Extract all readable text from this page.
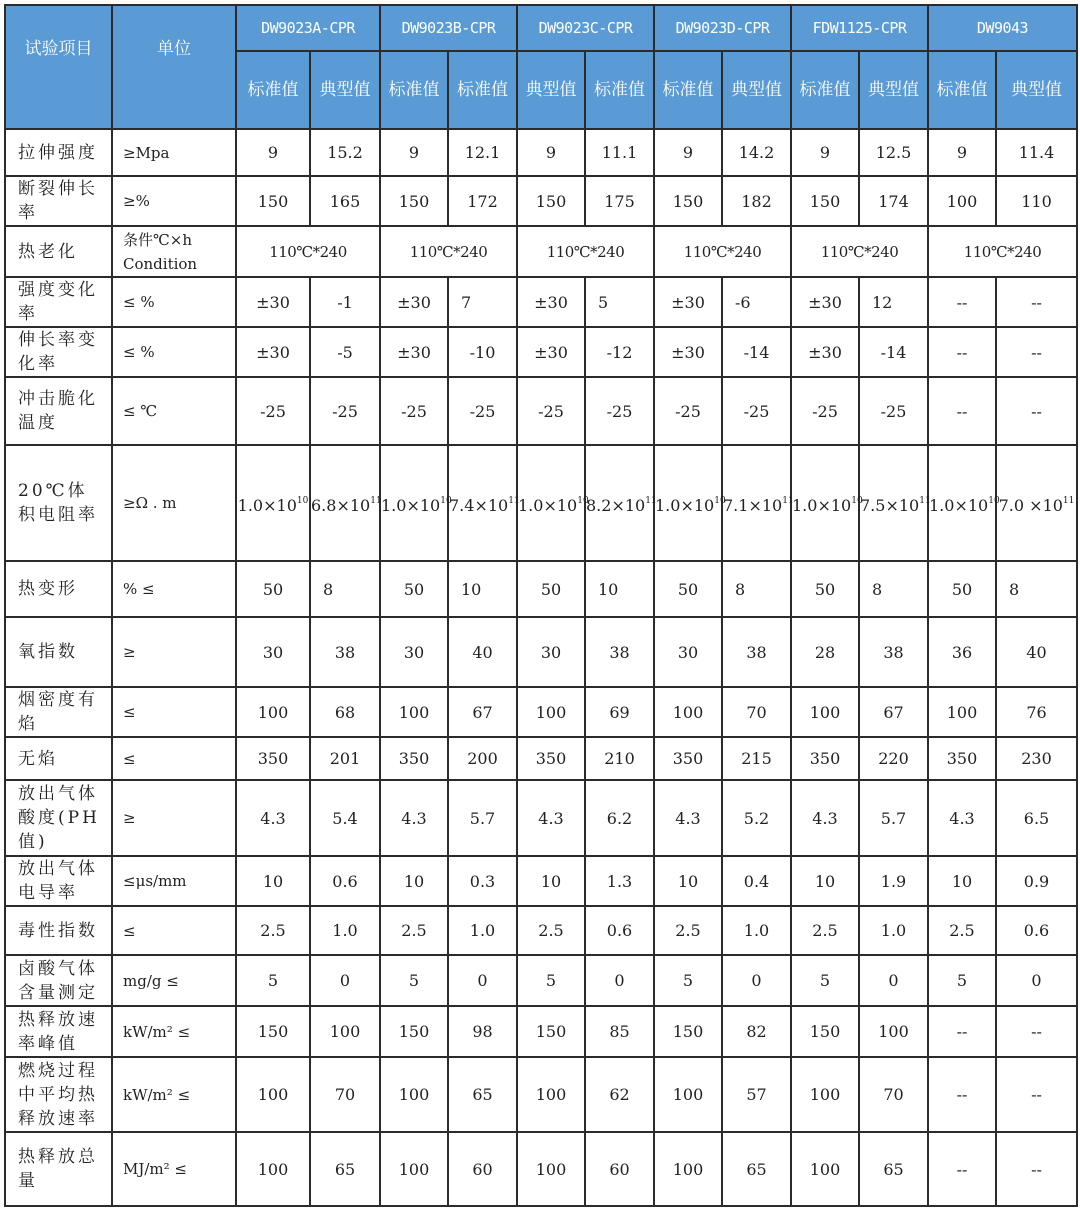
试验项目	单位	DW9023A-CPR		DW9023B-CPR		DW9023C-CPR		DW9023D-CPR		FDW1125-CPR		DW9043	
		标准值	典型值	标准值	标准值	典型值	标准值	标准值	典型值	标准值	典型值	标准值	典型值
拉伸强度	≥Mpa	9	15.2	9	12.1	9	11.1	9	14.2	9	12.5	9	11.4
断裂伸长率	≥%	150	165	150	172	150	175	150	182	150	174	100	110
热老化	条件℃×h Condition	110℃*240		110℃*240		110℃*240		110℃*240		110℃*240		110℃*240	
强度变化率	≤ %	±30	-1	±30	7	±30	5	±30	-6	±30	12	--	--
伸长率变化率	≤ %	±30	-5	±30	-10	±30	-12	±30	-14	±30	-14	--	--
冲击脆化温度	≤ ℃	-25	-25	-25	-25	-25	-25	-25	-25	-25	-25	--	--
20℃体积电阻率	≥Ω . m	$1.0\times 10^{10}$	$6.8\times 10^{11}$	$1.0\times 10^{10}$	$7.4\times 10^{11}$	$1.0\times 10^{10}$	$8.2\times 10^{11}$	$1.0\times 10^{10}$	$7.1\times 10^{11}$	$1.0\times 10^{10}$	$7.5\times 10^{11}$	$1.0\times 10^{10}$	$7.0 \times 10^{11}$
热变形	% ≤	50	8	50	10	50	10	50	8	50	8	50	8
氧指数	≥	30	38	30	40	30	38	30	38	28	38	36	40
烟密度有焰	≤	100	68	100	67	100	69	100	70	100	67	100	76
无焰	≤	350	201	350	200	350	210	350	215	350	220	350	230
放出气体酸度(PH值)	≥	4.3	5.4	4.3	5.7	4.3	6.2	4.3	5.2	4.3	5.7	4.3	6.5
放出气体电导率	≤μs/mm	10	0.6	10	0.3	10	1.3	10	0.4	10	1.9	10	0.9
毒性指数	≤	2.5	1.0	2.5	1.0	2.5	0.6	2.5	1.0	2.5	1.0	2.5	0.6
卤酸气体含量测定	mg/g ≤	5	0	5	0	5	0	5	0	5	0	5	0
热释放速率峰值	kW/m² ≤	150	100	150	98	150	85	150	82	150	100	--	--
燃烧过程中平均热释放速率	kW/m² ≤	100	70	100	65	100	62	100	57	100	70	--	--
热释放总量	MJ/m² ≤	100	65	100	60	100	60	100	65	100	65	--	--
